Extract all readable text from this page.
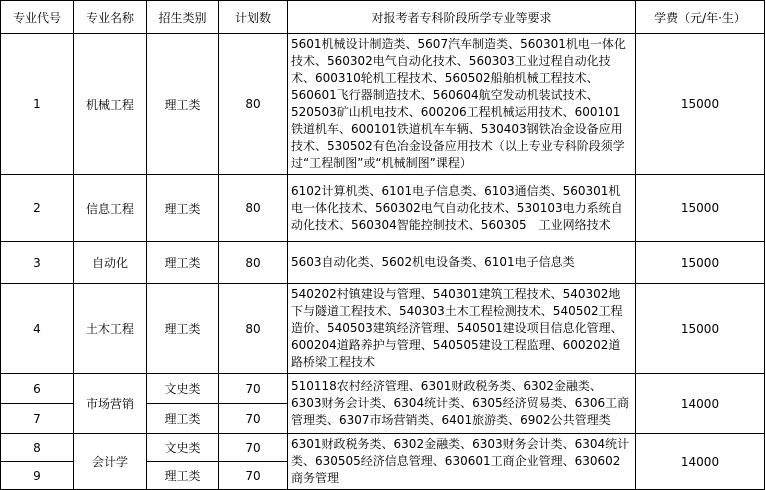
专业代号	专业名称	招生类别	计划数	对报考者专科阶段所学专业等要求	学费（元/年·生）
1	机械工程	理工类	80	5601机械设计制造类、5607汽车制造类、560301机电一体化技术、560302电气自动化技术、560303工业过程自动化技术、600310轮机工程技术、560502船舶机械工程技术、560601飞行器制造技术、560604航空发动机装试技术、520503矿山机电技术、600206工程机械运用技术、600101铁道机车、600101铁道机车车辆、530403钢铁冶金设备应用技术、530502有色冶金设备应用技术（以上专业专科阶段须学过“工程制图”或“机械制图”课程）	15000
2	信息工程	理工类	80	6102计算机类、6101电子信息类、6103通信类、560301机电一体化技术、560302电气自动化技术、530103电力系统自动化技术、560304智能控制技术、560305　工业网络技术	15000
3	自动化	理工类	80	5603自动化类、5602机电设备类、6101电子信息类	15000
4	土木工程	理工类	80	540202村镇建设与管理、540301建筑工程技术、540302地下与隧道工程技术、540303土木工程检测技术、540502工程造价、540503建筑经济管理、540501建设项目信息化管理、600204道路养护与管理、540505建设工程监理、600202道路桥梁工程技术	15000
6	市场营销	文史类	70	510118农村经济管理、6301财政税务类、6302金融类、6303财务会计类、6304统计类、6305经济贸易类、6306工商管理类、6307市场营销类、6401旅游类、6902公共管理类	14000
7		理工类	70		
8	会计学	文史类	70	6301财政税务类、6302金融类、6303财务会计类、6304统计类、630505经济信息管理、630601工商企业管理、630602商务管理	14000
9		理工类	70		
